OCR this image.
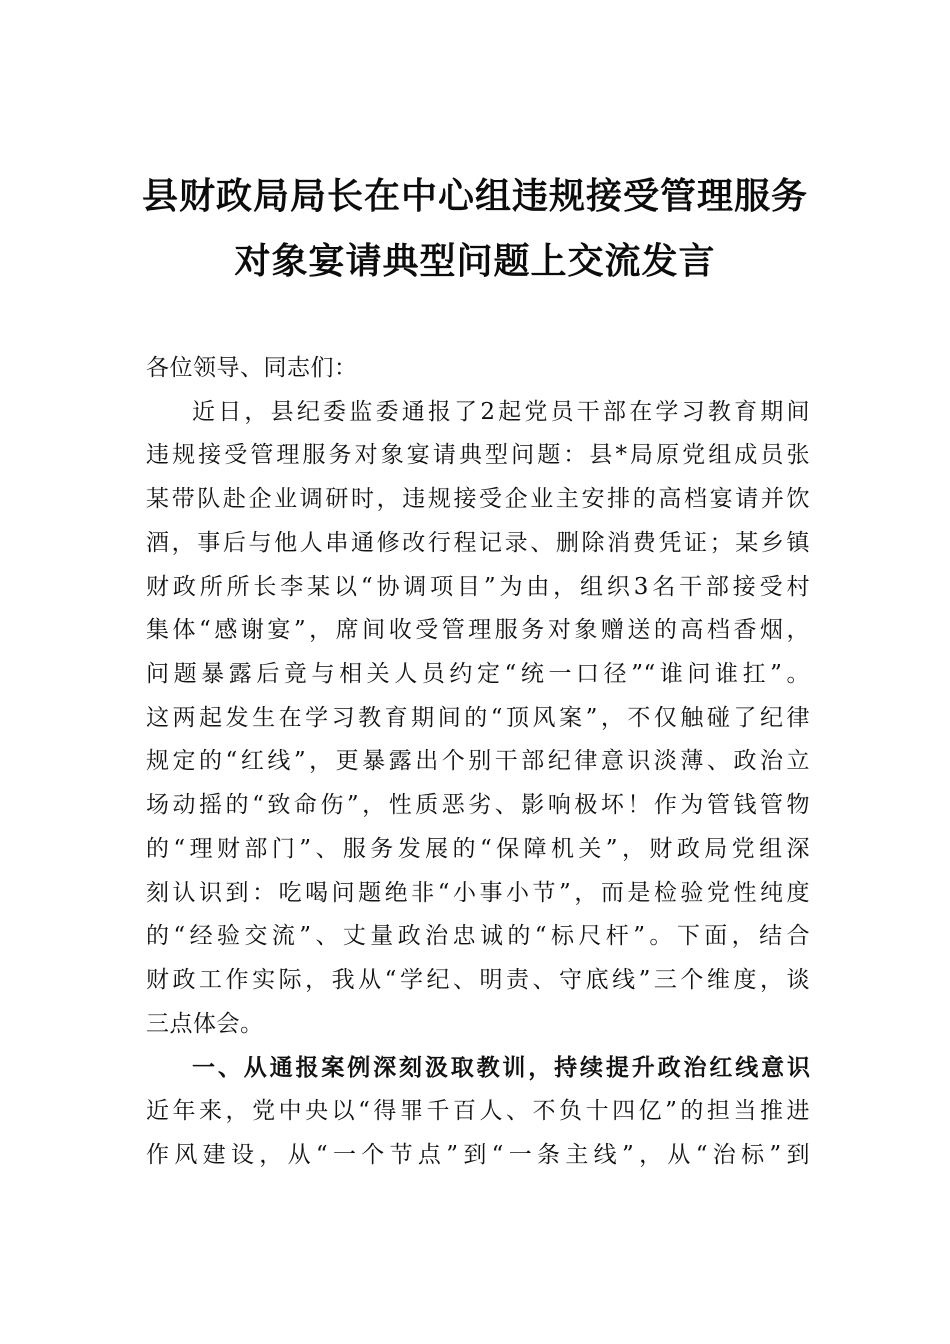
县财政局局长在中心组违规接受管理服务
对象宴请典型问题上交流发言
各位领导、同志们：
近日，县纪委监委通报了2起党员干部在学习教育期间
违规接受管理服务对象宴请典型问题：县*局原党组成员张
某带队赴企业调研时，违规接受企业主安排的高档宴请并饮
酒，事后与他人串通修改行程记录、删除消费凭证；某乡镇
财政所所长李某以“协调项目”为由，组织3名干部接受村
集体“感谢宴”，席间收受管理服务对象赠送的高档香烟，
问题暴露后竟与相关人员约定“统一口径”“谁问谁扛”。
这两起发生在学习教育期间的“顶风案”，不仅触碰了纪律
规定的“红线”，更暴露出个别干部纪律意识淡薄、政治立
场动摇的“致命伤”，性质恶劣、影响极坏！作为管钱管物
的“理财部门”、服务发展的“保障机关”，财政局党组深
刻认识到：吃喝问题绝非“小事小节”，而是检验党性纯度
的“经验交流”、丈量政治忠诚的“标尺杆”。下面，结合
财政工作实际，我从“学纪、明责、守底线”三个维度，谈
三点体会。
一、从通报案例深刻汲取教训，持续提升政治红线意识
近年来，党中央以“得罪千百人、不负十四亿”的担当推进
作风建设，从“一个节点”到“一条主线”，从“治标”到
